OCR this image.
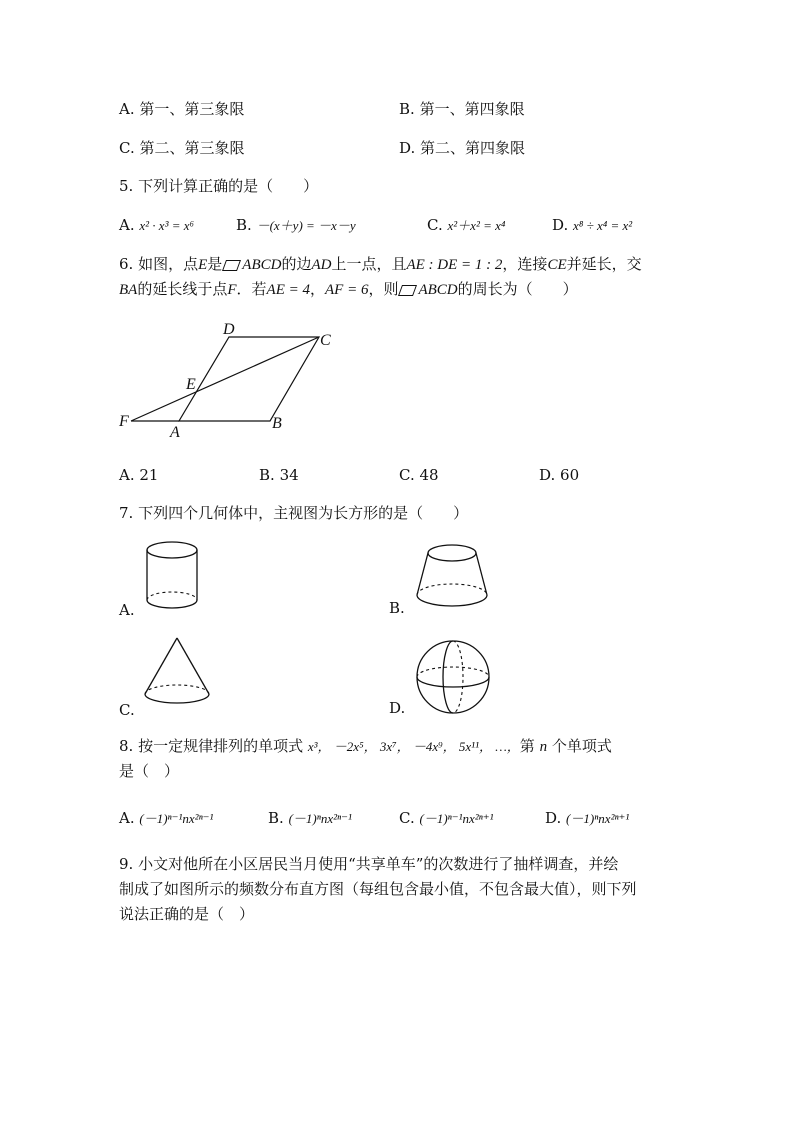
A. 第一、第三象限	B. 第一、第四象限
C. 第二、第三象限	D. 第二、第四象限
5. 下列计算正确的是（　　）
A. x² · x³ = x⁶	B. －(x＋y) = －x－y	C. x²＋x² = x⁴	D. x⁸ ÷ x⁴ = x²
6. 如图，点E是 ABCD的边AD上一点，且AE : DE = 1 : 2，连接CE并延长，交
BA的延长线于点F．若AE = 4，AF = 6，则 ABCD的周长为（　　）
D
C
E
F
A
B
A. 21	B. 34	C. 48	D. 60
7. 下列四个几何体中，主视图为长方形的是（　　）
A.	B.
C.	D.
8. 按一定规律排列的单项式 x³， －2x⁵， 3x⁷， －4x⁹， 5x¹¹， …，第 n 个单项式
是（　）
A. (－1)ⁿ⁻¹nx²ⁿ⁻¹	B. (－1)ⁿnx²ⁿ⁻¹	C. (－1)ⁿ⁻¹nx²ⁿ⁺¹	D. (－1)ⁿnx²ⁿ⁺¹
9. 小文对他所在小区居民当月使用“共享单车”的次数进行了抽样调查，并绘
制成了如图所示的频数分布直方图（每组包含最小值，不包含最大值），则下列
说法正确的是（　）
